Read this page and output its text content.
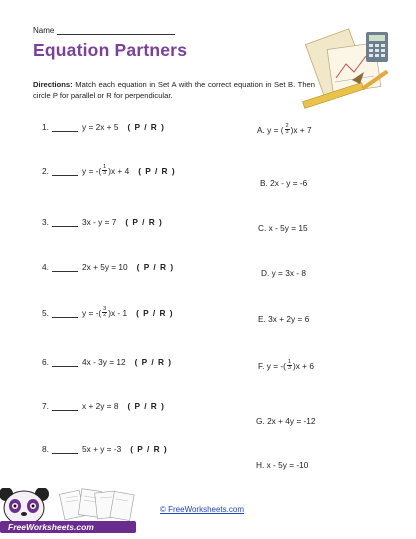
Name
Equation Partners
Directions: Match each equation in Set A with the correct equation in Set B. Then circle P for parallel or R for perpendicular.
1.	y = 2x + 5 ( P / R )
2.	y = -( $\frac{1}{3} )x + 4$ ( P / R )
3.	3x - y = 7 ( P / R )
4.	2x + 5y = 10 ( P / R )
5.	y = -( $\frac{3}{2} )x - 1$ ( P / R )
6.	4x - 3y = 12 ( P / R )
7.	x + 2y = 8 ( P / R )
8.	5x + y = -3 ( P / R )
A. y = ( $\frac{2}{3} )x + 7$
B. 2x - y = -6
C. x - 5y = 15
D. y = 3x - 8
E. 3x + 2y = 6
F. y = -( $\frac{1}{3} )x + 6$
G. 2x + 4y = -12
H. x - 5y = -10
FreeWorksheets.com
© FreeWorksheets.com
